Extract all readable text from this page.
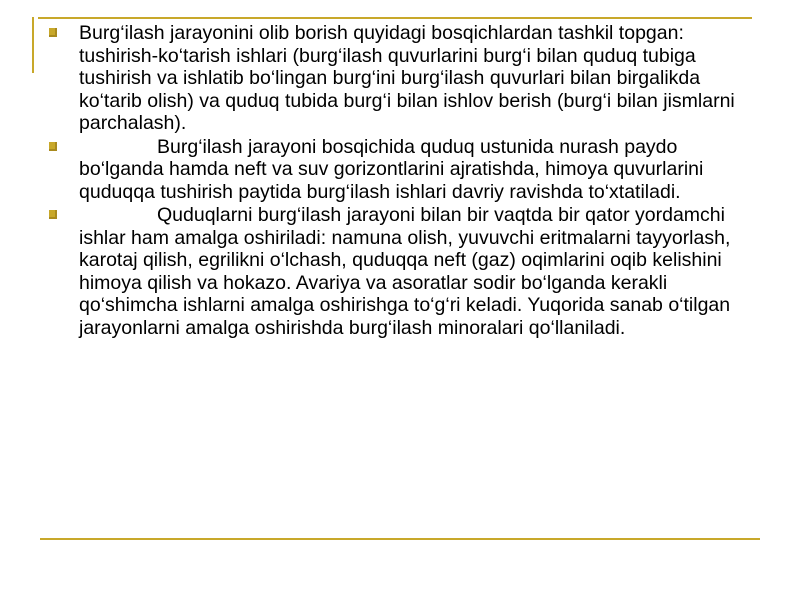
Burg‘ilash jarayonini olib borish quyidagi bosqichlardan tashkil topgan: tushirish-ko‘tarish ishlari (burg‘ilash quvurlarini burg‘i bilan quduq tubiga tushirish va ishlatib bo‘lingan burg‘ini burg‘ilash quvurlari bilan birgalikda ko‘tarib olish) va quduq tubida burg‘i bilan ishlov berish (burg‘i bilan jismlarni parchalash).
Burg‘ilash jarayoni bosqichida quduq ustunida nurash paydo bo‘lganda hamda neft va suv gorizontlarini ajratishda, himoya quvurlarini quduqqa tushirish paytida burg‘ilash ishlari davriy ravishda to‘xtatiladi.
Quduqlarni burg‘ilash jarayoni bilan bir vaqtda bir qator yordamchi ishlar ham amalga oshiriladi: namuna olish, yuvuvchi eritmalarni tayyorlash, karotaj qilish, egrilikni o‘lchash, quduqqa neft (gaz) oqimlarini oqib kelishini himoya qilish va hokazo. Avariya va asoratlar sodir bo‘lganda kerakli qo‘shimcha ishlarni amalga oshirishga to‘g‘ri keladi. Yuqorida sanab o‘tilgan jarayonlarni amalga oshirishda burg‘ilash minoralari qo‘llaniladi.
